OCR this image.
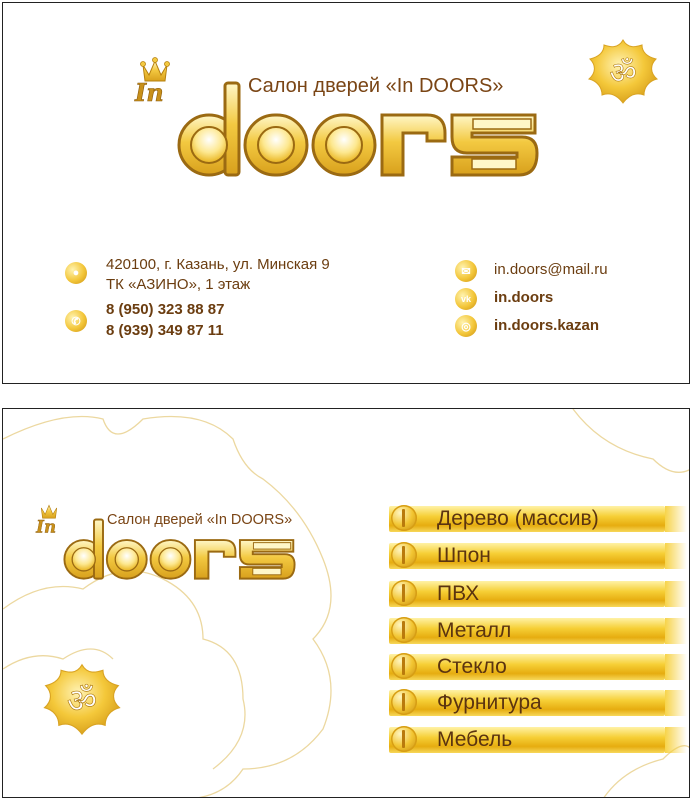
ॐ
In
doors
Салон дверей «In DOORS»
●	420100, г. Казань, ул. Минская 9
ТК «АЗИНО», 1 этаж
✆
8 (950) 323 88 87
8 (939) 349 87 11
✉	in.doors@mail.ru
vk	in.doors
◎	in.doors.kazan
In
doors
Салон дверей «In DOORS»
ॐ
Дерево (массив)
Шпон
ПВХ
Металл
Стекло
Фурнитура
Мебель
